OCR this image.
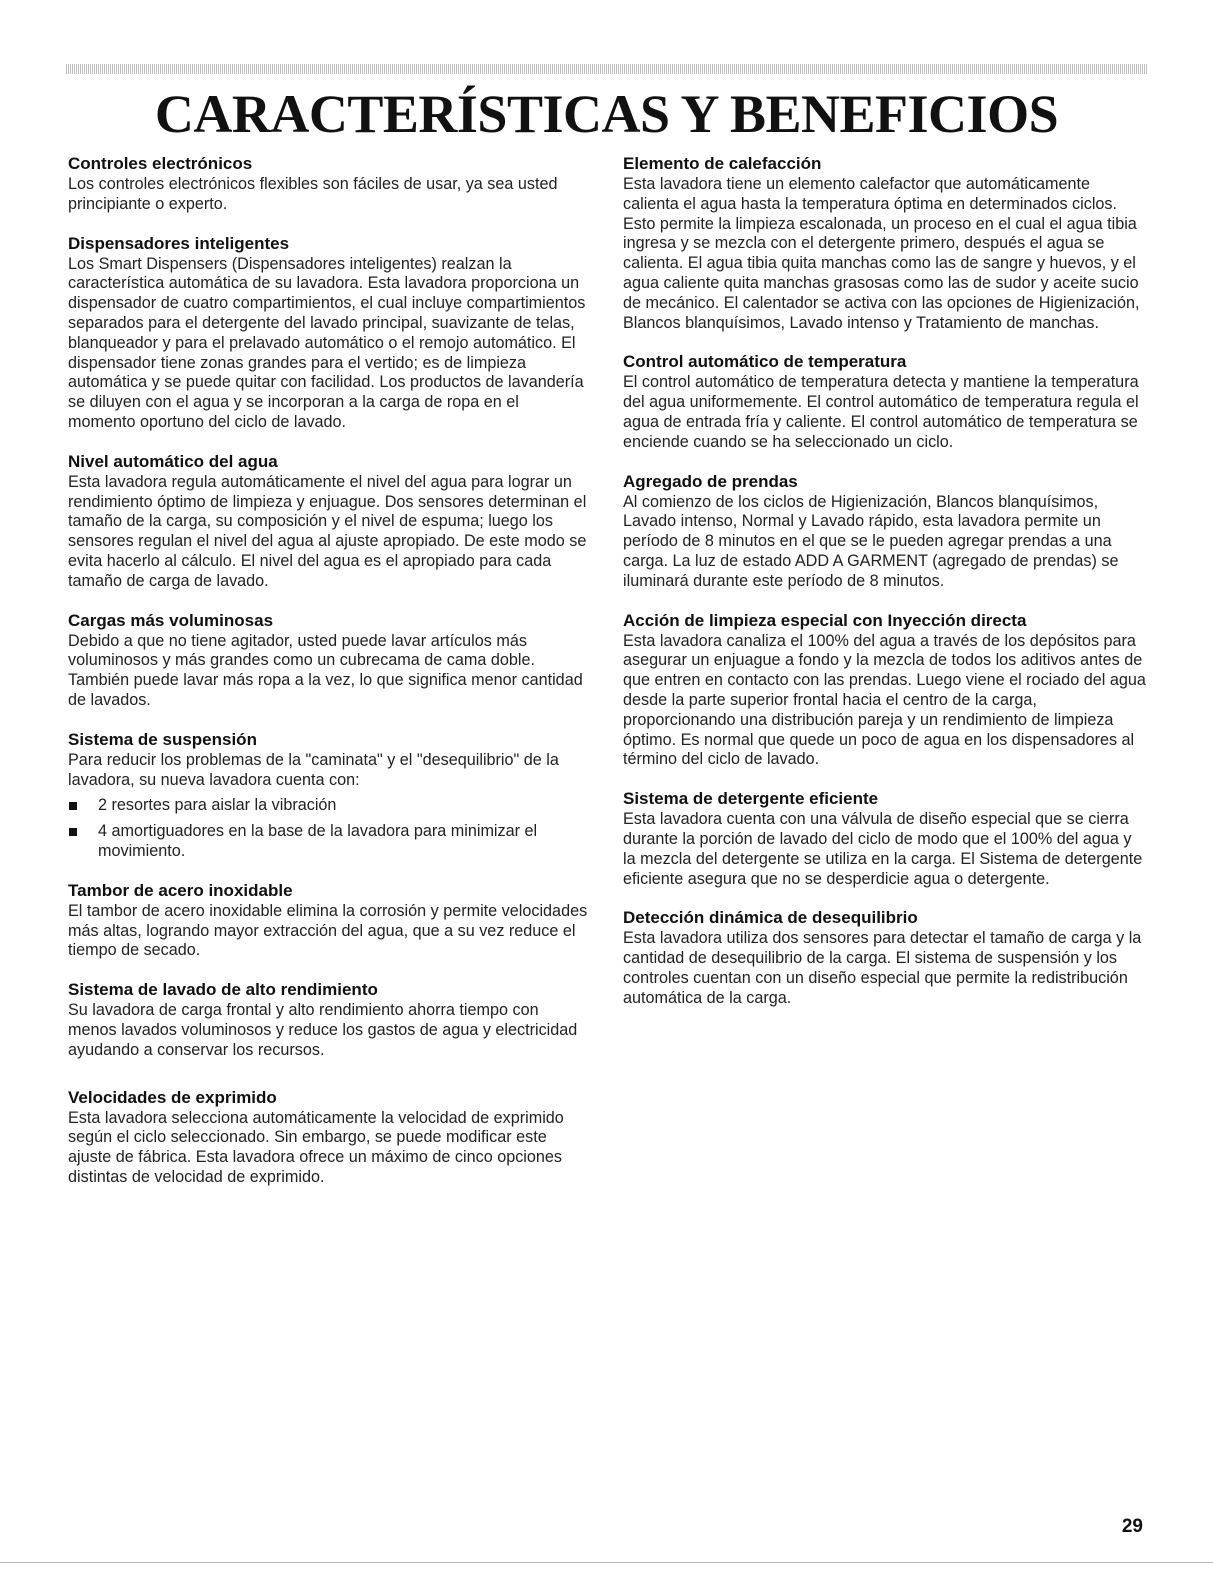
CARACTERÍSTICAS Y BENEFICIOS
Controles electrónicos

Los controles electrónicos flexibles son fáciles de usar, ya sea usted principiante o experto.

Dispensadores inteligentes

Los Smart Dispensers (Dispensadores inteligentes) realzan la característica automática de su lavadora. Esta lavadora proporciona un dispensador de cuatro compartimientos, el cual incluye compartimientos separados para el detergente del lavado principal, suavizante de telas, blanqueador y para el prelavado automático o el remojo automático. El dispensador tiene zonas grandes para el vertido; es de limpieza automática y se puede quitar con facilidad. Los productos de lavandería se diluyen con el agua y se incorporan a la carga de ropa en el momento oportuno del ciclo de lavado.

Nivel automático del agua

Esta lavadora regula automáticamente el nivel del agua para lograr un rendimiento óptimo de limpieza y enjuague. Dos sensores determinan el tamaño de la carga, su composición y el nivel de espuma; luego los sensores regulan el nivel del agua al ajuste apropiado. De este modo se evita hacerlo al cálculo. El nivel del agua es el apropiado para cada tamaño de carga de lavado.

Cargas más voluminosas

Debido a que no tiene agitador, usted puede lavar artículos más voluminosos y más grandes como un cubrecama de cama doble. También puede lavar más ropa a la vez, lo que significa menor cantidad de lavados.

Sistema de suspensión

Para reducir los problemas de la "caminata" y el "desequilibrio" de la lavadora, su nueva lavadora cuenta con:

2 resortes para aislar la vibración
4 amortiguadores en la base de la lavadora para minimizar el movimiento.
Tambor de acero inoxidable

El tambor de acero inoxidable elimina la corrosión y permite velocidades más altas, logrando mayor extracción del agua, que a su vez reduce el tiempo de secado.

Sistema de lavado de alto rendimiento

Su lavadora de carga frontal y alto rendimiento ahorra tiempo con menos lavados voluminosos y reduce los gastos de agua y electricidad ayudando a conservar los recursos.

Velocidades de exprimido

Esta lavadora selecciona automáticamente la velocidad de exprimido según el ciclo seleccionado. Sin embargo, se puede modificar este ajuste de fábrica. Esta lavadora ofrece un máximo de cinco opciones distintas de velocidad de exprimido.

Elemento de calefacción

Esta lavadora tiene un elemento calefactor que automáticamente calienta el agua hasta la temperatura óptima en determinados ciclos. Esto permite la limpieza escalonada, un proceso en el cual el agua tibia ingresa y se mezcla con el detergente primero, después el agua se calienta. El agua tibia quita manchas como las de sangre y huevos, y el agua caliente quita manchas grasosas como las de sudor y aceite sucio de mecánico. El calentador se activa con las opciones de Higienización, Blancos blanquísimos, Lavado intenso y Tratamiento de manchas.

Control automático de temperatura

El control automático de temperatura detecta y mantiene la temperatura del agua uniformemente. El control automático de temperatura regula el agua de entrada fría y caliente. El control automático de temperatura se enciende cuando se ha seleccionado un ciclo.

Agregado de prendas

Al comienzo de los ciclos de Higienización, Blancos blanquísimos, Lavado intenso, Normal y Lavado rápido, esta lavadora permite un período de 8 minutos en el que se le pueden agregar prendas a una carga. La luz de estado ADD A GARMENT (agregado de prendas) se iluminará durante este período de 8 minutos.

Acción de limpieza especial con Inyección directa

Esta lavadora canaliza el 100% del agua a través de los depósitos para asegurar un enjuague a fondo y la mezcla de todos los aditivos antes de que entren en contacto con las prendas. Luego viene el rociado del agua desde la parte superior frontal hacia el centro de la carga, proporcionando una distribución pareja y un rendimiento de limpieza óptimo. Es normal que quede un poco de agua en los dispensadores al término del ciclo de lavado.

Sistema de detergente eficiente

Esta lavadora cuenta con una válvula de diseño especial que se cierra durante la porción de lavado del ciclo de modo que el 100% del agua y la mezcla del detergente se utiliza en la carga. El Sistema de detergente eficiente asegura que no se desperdicie agua o detergente.

Detección dinámica de desequilibrio

Esta lavadora utiliza dos sensores para detectar el tamaño de carga y la cantidad de desequilibrio de la carga. El sistema de suspensión y los controles cuentan con un diseño especial que permite la redistribución automática de la carga.

29
